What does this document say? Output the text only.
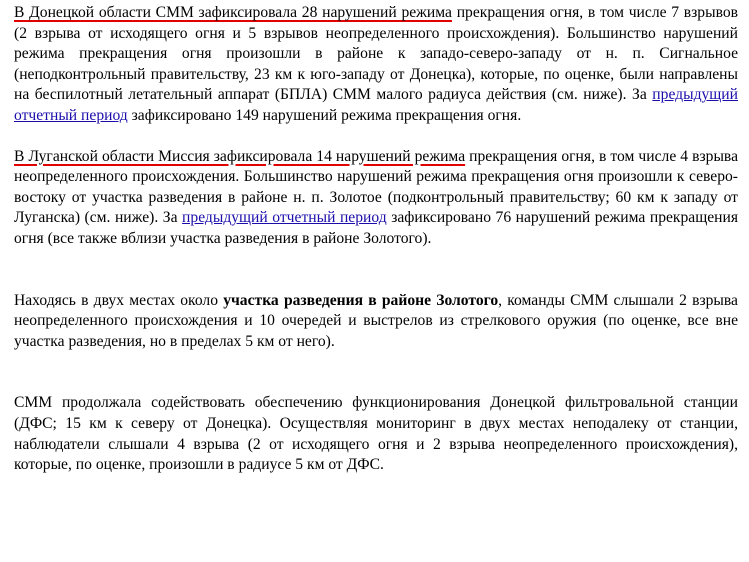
В Донецкой области СММ зафиксировала 28 нарушений режима прекращения огня, в том числе 7 взрывов (2 взрыва от исходящего огня и 5 взрывов неопределенного происхождения). Большинство нарушений режима прекращения огня произошли в районе к западо-северо-западу от н. п. Сигнальное (неподконтрольный правительству, 23 км к юго-западу от Донецка), которые, по оценке, были направлены на беспилотный летательный аппарат (БПЛА) СММ малого радиуса действия (см. ниже). За предыдущий отчетный период зафиксировано 149 нарушений режима прекращения огня.

В Луганской области Миссия зафиксировала 14 нарушений режима прекращения огня, в том числе 4 взрыва неопределенного происхождения. Большинство нарушений режима прекращения огня произошли к северо-востоку от участка разведения в районе н. п. Золотое (подконтрольный правительству; 60 км к западу от Луганска) (см. ниже). За предыдущий отчетный период зафиксировано 76 нарушений режима прекращения огня (все также вблизи участка разведения в районе Золотого).

Находясь в двух местах около участка разведения в районе Золотого, команды СММ слышали 2 взрыва неопределенного происхождения и 10 очередей и выстрелов из стрелкового оружия (по оценке, все вне участка разведения, но в пределах 5 км от него).

СММ продолжала содействовать обеспечению функционирования Донецкой фильтровальной станции (ДФС; 15 км к северу от Донецка). Осуществляя мониторинг в двух местах неподалеку от станции, наблюдатели слышали 4 взрыва (2 от исходящего огня и 2 взрыва неопределенного происхождения), которые, по оценке, произошли в радиусе 5 км от ДФС.
